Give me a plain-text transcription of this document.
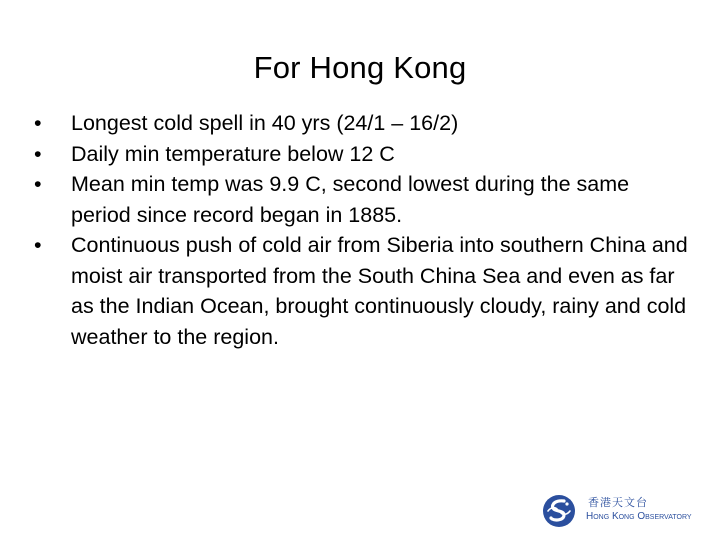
For Hong Kong
•	Longest cold spell in 40 yrs (24/1 – 16/2)
•	Daily min temperature below 12 C
•	Mean min temp was 9.9 C, second lowest during the same period since record began in 1885.
•	Continuous push of cold air from Siberia into southern China and moist air transported from the South China Sea and even as far as the Indian Ocean, brought continuously cloudy, rainy and cold weather to the region.
香港天文台
Hong Kong Observatory
